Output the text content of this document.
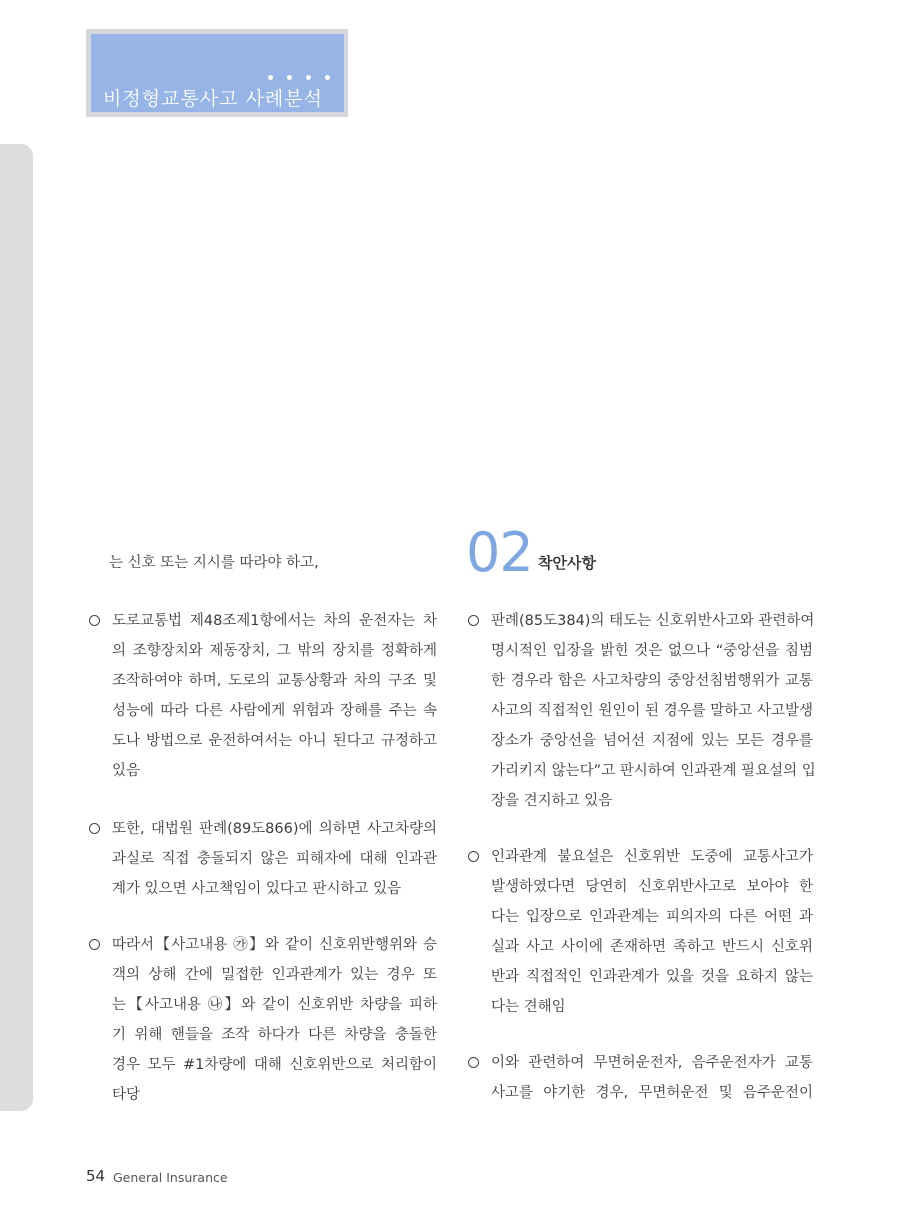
비정형교통사고 사례분석
는 신호 또는 지시를 따라야 하고,
도로교통법 제48조제1항에서는 차의 운전자는 차
의 조향장치와 제동장치, 그 밖의 장치를 정확하게
조작하여야 하며, 도로의 교통상황과 차의 구조 및
성능에 따라 다른 사람에게 위험과 장해를 주는 속
도나 방법으로 운전하여서는 아니 된다고 규정하고
있음
또한, 대법원 판례(89도866)에 의하면 사고차량의
과실로 직접 충돌되지 않은 피해자에 대해 인과관
계가 있으면 사고책임이 있다고 판시하고 있음
따라서【사고내용 ㉮】와 같이 신호위반행위와 승
객의 상해 간에 밀접한 인과관계가 있는 경우 또
는【사고내용 ㉯】와 같이 신호위반 차량을 피하
기 위해 핸들을 조작 하다가 다른 차량을 충돌한
경우 모두 #1차량에 대해 신호위반으로 처리함이
타당
02 착안사항
판례(85도384)의 태도는 신호위반사고와 관련하여
명시적인 입장을 밝힌 것은 없으나 “중앙선을 침범
한 경우라 함은 사고차량의 중앙선침범행위가 교통
사고의 직접적인 원인이 된 경우를 말하고 사고발생
장소가 중앙선을 넘어선 지점에 있는 모든 경우를
가리키지 않는다”고 판시하여 인과관계 필요설의 입
장을 견지하고 있음
인과관계 불요설은 신호위반 도중에 교통사고가
발생하였다면 당연히 신호위반사고로 보아야 한
다는 입장으로 인과관계는 피의자의 다른 어떤 과
실과 사고 사이에 존재하면 족하고 반드시 신호위
반과 직접적인 인과관계가 있을 것을 요하지 않는
다는 견해임
이와 관련하여 무면허운전자, 음주운전자가 교통
사고를 야기한 경우, 무면허운전 및 음주운전이
54 General Insurance
